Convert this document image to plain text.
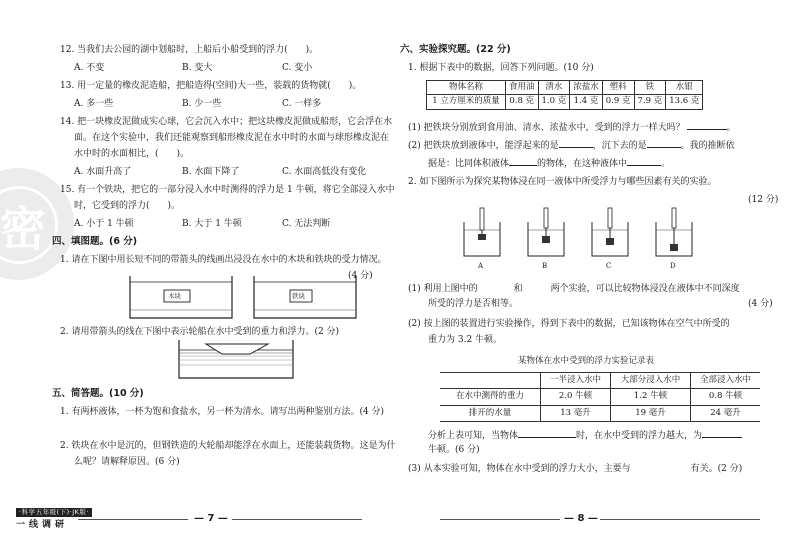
密
12. 当我们去公园的湖中划船时，上船后小船受到的浮力(　　)。
A. 不变	B. 变大	C. 变小
13. 用一定量的橡皮泥造船，把船造得(空间)大一些，装载的货物就(　　)。
A. 多一些	B. 少一些	C. 一样多
14. 把一块橡皮泥做成实心球，它会沉入水中；把这块橡皮泥做成船形，它会浮在水
面。在这个实验中，我们还能观察到船形橡皮泥在水中时的水面与球形橡皮泥在
水中时的水面相比，(　　)。
A. 水面升高了	B. 水面下降了	C. 水面高低没有变化
15. 有一个铁块，把它的一部分浸入水中时测得的浮力是 1 牛顿，将它全部浸入水中
时，它受到的浮力(　　)。
A. 小于 1 牛顿	B. 大于 1 牛顿	C. 无法判断
四、填图题。(6 分)
1. 请在下图中用长短不同的带箭头的线画出浸没在水中的木块和铁块的受力情况。
(4 分)
木块	铁块
2. 请用带箭头的线在下图中表示轮船在水中受到的重力和浮力。(2 分)
五、简答题。(10 分)
1. 有两杯液体，一杯为饱和食盐水，另一杯为清水。请写出两种鉴别方法。(4 分)
2. 铁块在水中是沉的，但钢铁造的大轮船却能浮在水面上，还能装载货物。这是为什
么呢？请解释原因。(6 分)
·科学五年级(下)·JK版·
一线调研
— 7 —
六、实验探究题。(22 分)
1. 根据下表中的数据，回答下列问题。(10 分)
物体名称	食用油	清水	浓盐水	塑料	铁	水银
1 立方厘米的质量	0.8 克	1.0 克	1.4 克	0.9 克	7.9 克	13.6 克
(1) 把铁块分别放到食用油、清水、浓盐水中，受到的浮力一样大吗？	。
(2) 把铁块放到液体中，能浮起来的是	，沉下去的是	。我的推断依
据是：比同体积液体	的物体，在这种液体中	。
2. 如下图所示为探究某物体浸在同一液体中所受浮力与哪些因素有关的实验。
(12 分)
A	B	C	D
(1) 利用上图中的	和	两个实验，可以比较物体浸没在液体中不同深度
所受的浮力是否相等。	(4 分)
(2) 按上图的装置进行实验操作，得到下表中的数据，已知该物体在空气中所受的
重力为 3.2 牛顿。
某物体在水中受到的浮力实验记录表
	一半浸入水中	大部分浸入水中	全部浸入水中
在水中测得的重力	2.0 牛顿	1.2 牛顿	0.8 牛顿
排开的水量	13 毫升	19 毫升	24 毫升
分析上表可知，当物体	时，在水中受到的浮力越大，为
牛顿。(6 分)
(3) 从本实验可知，物体在水中受到的浮力大小，主要与	有关。(2 分)
— 8 —
